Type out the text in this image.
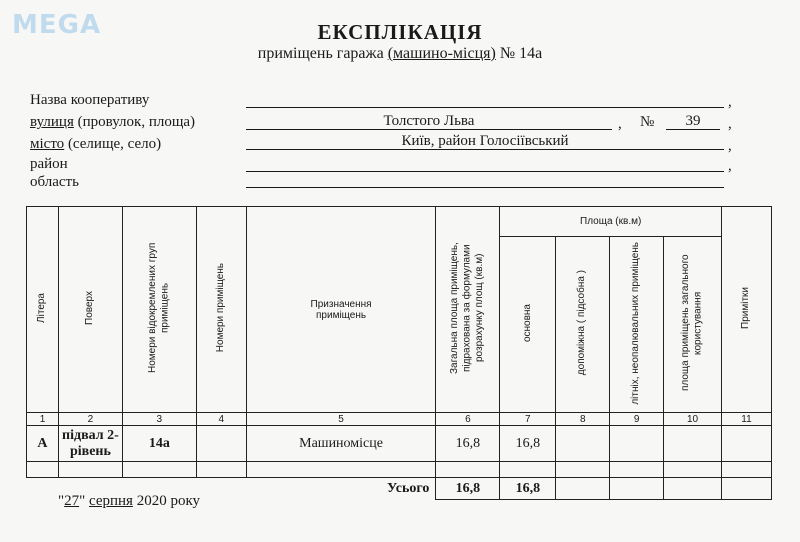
MEGA	ЕКСПЛІКАЦІЯ
приміщень гаража (машино-місця) № 14а
Назва кооперативу	,
вулиця (провулок, площа)	Толстого Льва	, №	39	,
місто (селище, село)	Київ, район Голосіївський	,
район	,
область
Літера	Поверх	Номери відокремлених груп приміщень	Номери приміщень	Призначення приміщень	Загальна площа приміщень, підрахована за формулами розрахунку площ (кв.м)	Площа (кв.м)				Примітки
						основна	допоміжна ( підсобна )	літніх, неопалювальних приміщень	площа приміщень загального користування	
1	2	3	4	5	6	7	8	9	10	11
А	підвал 2-рівень	14а		Машиномісце	16,8	16,8				

Усього					16,8	16,8				
"27" серпня 2020 року
